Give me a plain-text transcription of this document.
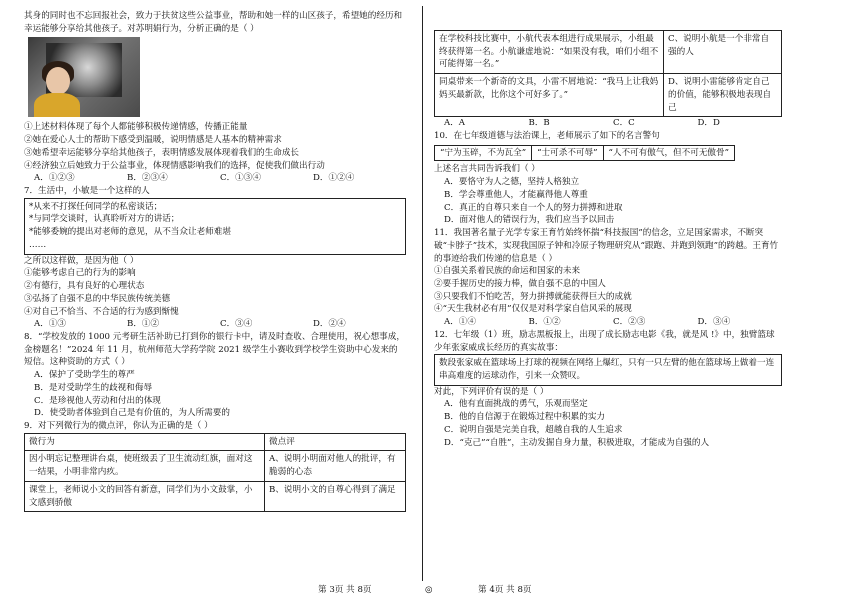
其身的同时也不忘回报社会，致力于扶贫这些公益事业，帮助和她一样的山区孩子，希望她的经历和幸运能够分享给其他孩子。对苏明娟行为，分析正确的是（ ）

①上述材料体现了每个人都能够积极传递情感，传播正能量

②她在爱心人士的帮助下感受到温暖，说明情感是人基本的精神需求

③她希望幸运能够分享给其他孩子，表明情感发展体现着我们的生命成长

④经济独立后她致力于公益事业，体现情感影响我们的选择，促使我们做出行动

A．①②③	B．②③④	C．①③④	D．①②④

7．生活中，小敏是一个这样的人

*从来不打探任何同学的私密谈话；

*与同学交谈时，认真聆听对方的讲话；

*能够委婉的提出对老师的意见，从不当众让老师难堪

……

之所以这样做，是因为他（ ）

①能够考虑自己的行为的影响

②有德行，具有良好的心理状态

③弘扬了自强不息的中华民族传统美德

④对自己不恰当、不合适的行为感到惭愧

A．①③	B．①②	C．③④	D．②④

8．“学校发放的 1000 元考研生活补助已打到你的银行卡中，请及时查收、合理使用，祝心想事成，金榜题名！”2024 年 11 月，杭州师范大学药学院 2021 级学生小赛收到学校学生资助中心发来的短信。这种资助的方式（ ）

A．保护了受助学生的尊严

B．是对受助学生的歧视和侮辱

C．是珍视他人劳动和付出的体现

D．使受助者体验到自己是有价值的，为人所需要的

9．对下列微行为的微点评，你认为正确的是（ ）

微行为	微点评
因小明忘记整理讲台桌，使班级丢了卫生流动红旗，面对这一结果，小明非常内疚。	A、说明小明面对他人的批评，有脆弱的心态
课堂上，老师说小文的回答有新意，同学们为小文鼓掌，小文感到骄傲	B、说明小文的自尊心得到了满足
在学校科技比赛中，小航代表本组进行成果展示，小组最终获得第一名。小航谦虚地说：“如果没有我，咱们小组不可能得第一名。”	C、说明小航是一个非常自强的人
同桌带来一个新奇的文具，小雷不屑地说：“我马上让我妈妈买最新款，比你这个可好多了。”	D、说明小雷能够肯定自己的价值，能够积极地表现自己
A．A	B．B	C．C	D．D

10．在七年级道德与法治课上，老师展示了如下的名言警句

“宁为玉碎，不为瓦全”	“士可杀不可辱”	“人不可有傲气，但不可无傲骨”

上述名言共同告诉我们（ ）

A．要恪守为人之德，坚持人格独立

B．学会尊重他人，才能赢得他人尊重

C．真正的自尊只来自一个人的努力拼搏和进取

D．面对他人的错误行为，我们应当予以回击

11．我国著名量子光学专家王育竹始终怀揣“科技报国”的信念，立足国家需求，不断突破“卡脖子”技术，实现我国原子钟和冷原子物理研究从“跟跑、并跑到领跑”的跨越。王育竹的事迹给我们传递的信息是（ ）

①自强关系着民族的命运和国家的未来

②要手握历史的接力棒，做自强不息的中国人

③只要我们不怕吃苦，努力拼搏就能获得巨大的成就

④“天生我材必有用”仅仅是对科学家自信风采的展现

A．①④	B．①②	C．②③	D．③④

12．七年级（1）班，励志黑板报上，出现了成长励志电影《我，就是风 !》中，独臂篮球少年张家威成长经历的真实故事：

数段张家威在篮球场上打球的视频在网络上爆红，只有一只左臂的他在篮球场上做着一连串高难度的运球动作，引来一众赞叹。

对此，下列评价有误的是（ ）

A．他有直面挑战的勇气，乐观而坚定

B．他的自信源于在锻炼过程中积累的实力

C．说明自强是完美自我，超越自我的人生追求

D．“克己”“自胜”，主动发掘自身力量，积极进取，才能成为自强的人

第 3页 共 8页	◎	第 4页 共 8页
